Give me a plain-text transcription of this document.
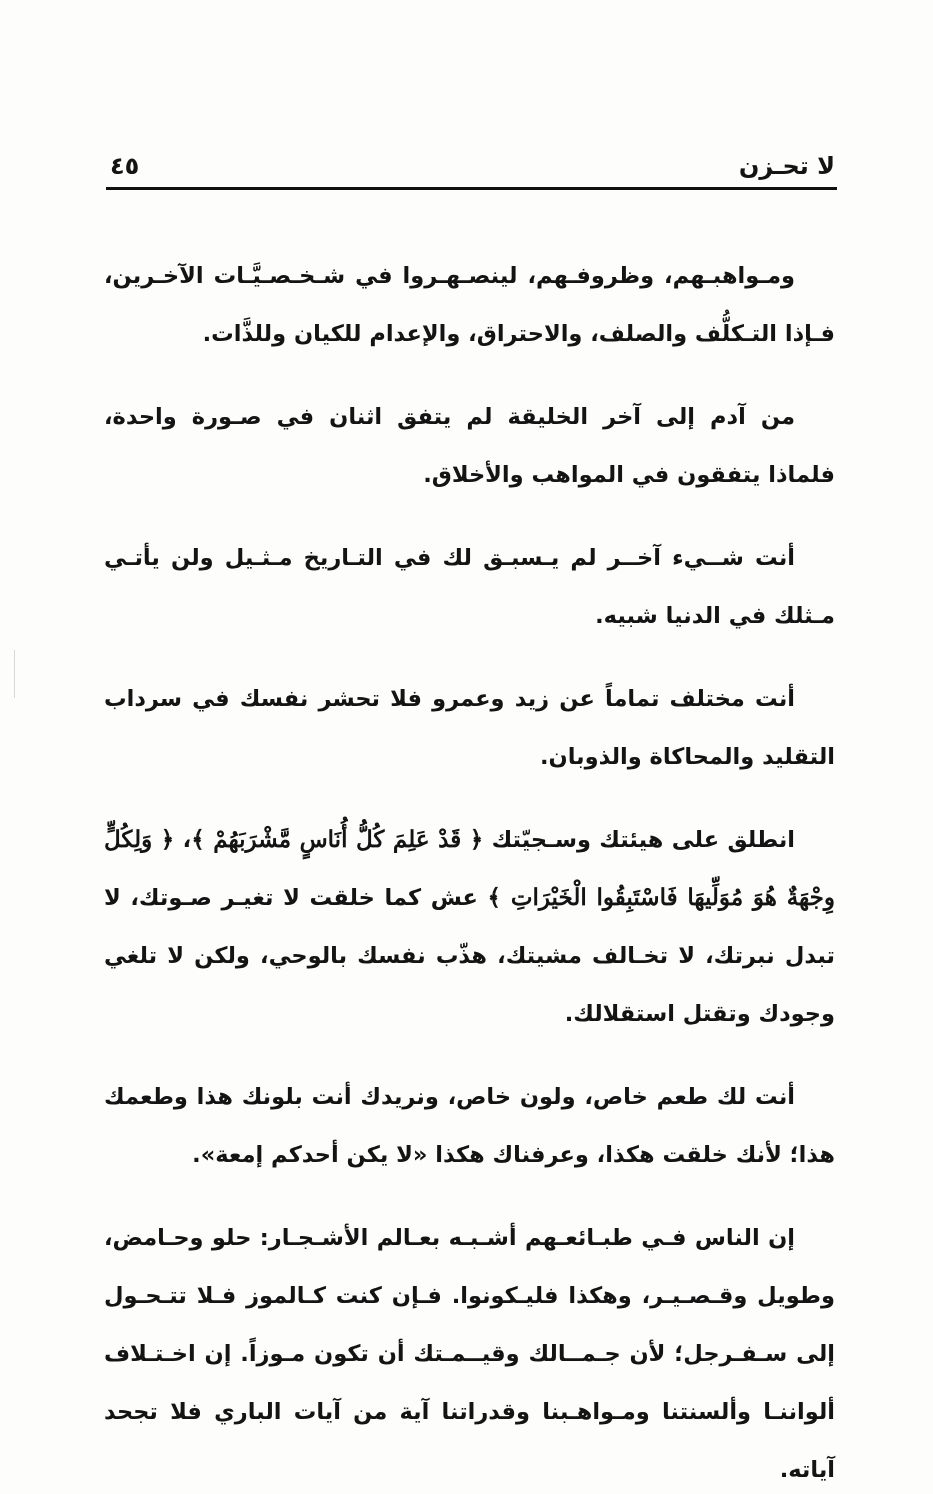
لا تحـزن
٤٥

ومـواهبـهم، وظروفـهم، لينصـهـروا في شـخـصـيَّـات الآخـرين، فـإذا التـكلُّف والصلف، والاحتراق، والإعدام للكيان وللذَّات.

من آدم إلى آخر الخليقة لم يتفق اثنان في صـورة واحدة، فلماذا يتفقون في المواهب والأخلاق.

أنت شــيء آخــر لم يـسبـق لك في التـاريخ مـثـيل ولن يأتـي مـثلك في الدنيا شبيه.

أنت مختلف تماماً عن زيد وعمرو فلا تحشر نفسك في سرداب التقليد والمحاكاة والذوبان.

انطلق على هيئتك وسـجيّتك ﴿ قَدْ عَلِمَ كُلُّ أُنَاسٍ مَّشْرَبَهُمْ ﴾، ﴿ وَلِكُلٍّ وِجْهَةٌ هُوَ مُوَلِّيهَا فَاسْتَبِقُوا الْخَيْرَاتِ ﴾ عش كما خلقت لا تغيـر صـوتك، لا تبدل نبرتك، لا تخـالف مشيتك، هذّب نفسك بالوحي، ولكن لا تلغي وجودك وتقتل استقلالك.

أنت لك طعم خاص، ولون خاص، ونريدك أنت بلونك هذا وطعمك هذا؛ لأنك خلقت هكذا، وعرفناك هكذا «لا يكن أحدكم إمعة».

إن الناس فـي طبـائعـهم أشـبـه بعـالم الأشـجـار: حلو وحـامض، وطويل وقـصـيـر، وهكذا فليـكونوا. فـإن كنت كـالموز فـلا تتـحـول إلى سـفـرجل؛ لأن جـمــالك وقيــمـتك أن تكون مـوزاً. إن اخـتـلاف ألواننـا وألسنتنا ومـواهـبنا وقدراتنا آية من آيات الباري فلا تجحد آياته.
